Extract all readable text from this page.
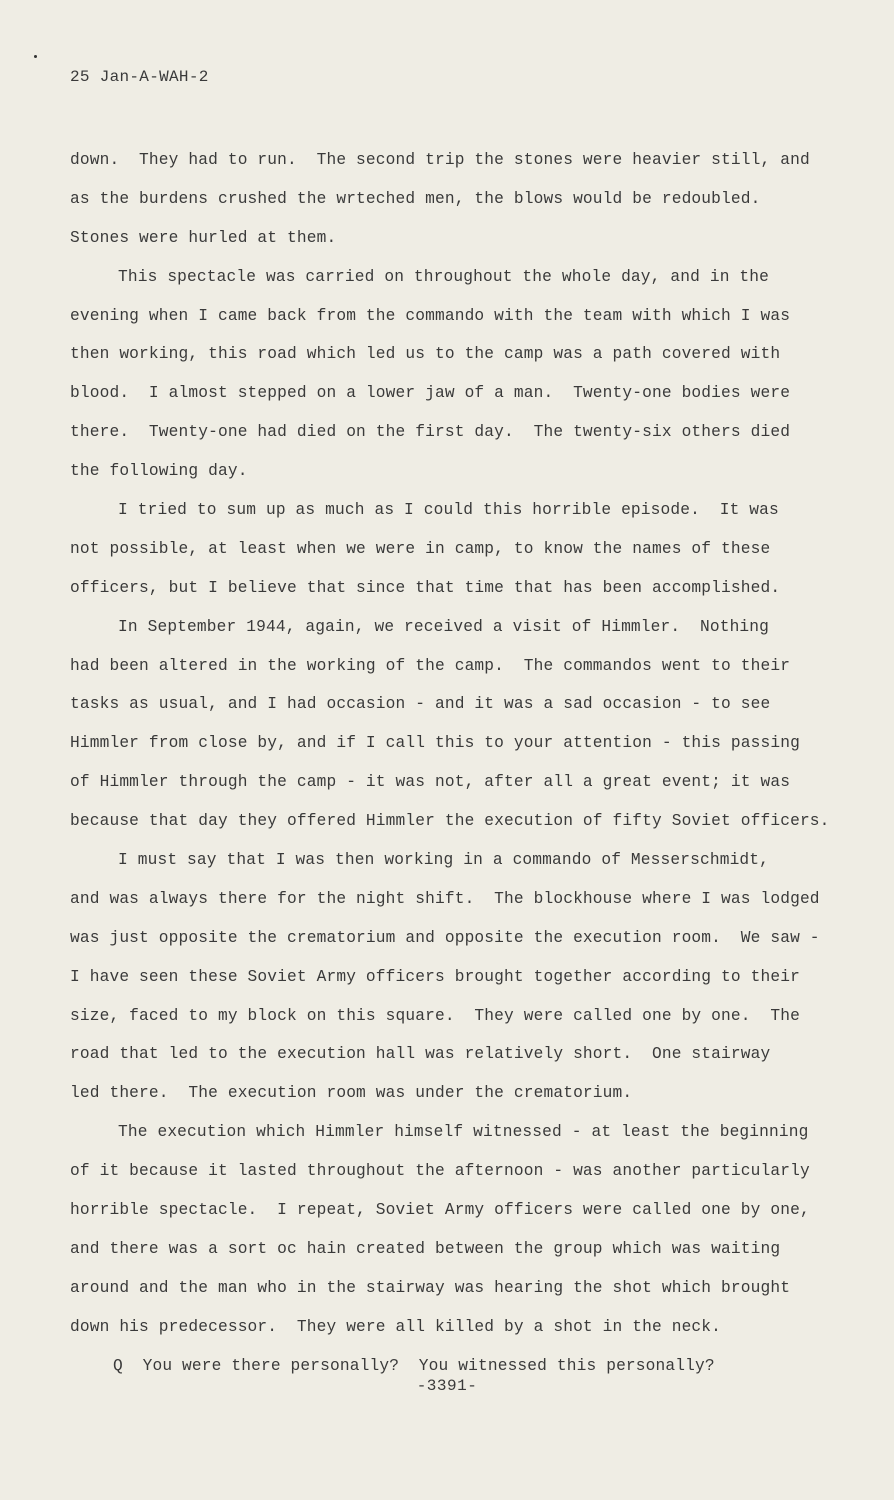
25 Jan-A-WAH-2
down.  They had to run.  The second trip the stones were heavier still, and
as the burdens crushed the wrteched men, the blows would be redoubled.
Stones were hurled at them.
This spectacle was carried on throughout the whole day, and in the
evening when I came back from the commando with the team with which I was
then working, this road which led us to the camp was a path covered with
blood.  I almost stepped on a lower jaw of a man.  Twenty-one bodies were
there.  Twenty-one had died on the first day.  The twenty-six others died
the following day.
I tried to sum up as much as I could this horrible episode.  It was
not possible, at least when we were in camp, to know the names of these
officers, but I believe that since that time that has been accomplished.
In September 1944, again, we received a visit of Himmler.  Nothing
had been altered in the working of the camp.  The commandos went to their
tasks as usual, and I had occasion - and it was a sad occasion - to see
Himmler from close by, and if I call this to your attention - this passing
of Himmler through the camp - it was not, after all a great event; it was
because that day they offered Himmler the execution of fifty Soviet officers.
I must say that I was then working in a commando of Messerschmidt,
and was always there for the night shift.  The blockhouse where I was lodged
was just opposite the crematorium and opposite the execution room.  We saw -
I have seen these Soviet Army officers brought together according to their
size, faced to my block on this square.  They were called one by one.  The
road that led to the execution hall was relatively short.  One stairway
led there.  The execution room was under the crematorium.
The execution which Himmler himself witnessed - at least the beginning
of it because it lasted throughout the afternoon - was another particularly
horrible spectacle.  I repeat, Soviet Army officers were called one by one,
and there was a sort oc hain created between the group which was waiting
around and the man who in the stairway was hearing the shot which brought
down his predecessor.  They were all killed by a shot in the neck.
Q  You were there personally?  You witnessed this personally?
-3391-
